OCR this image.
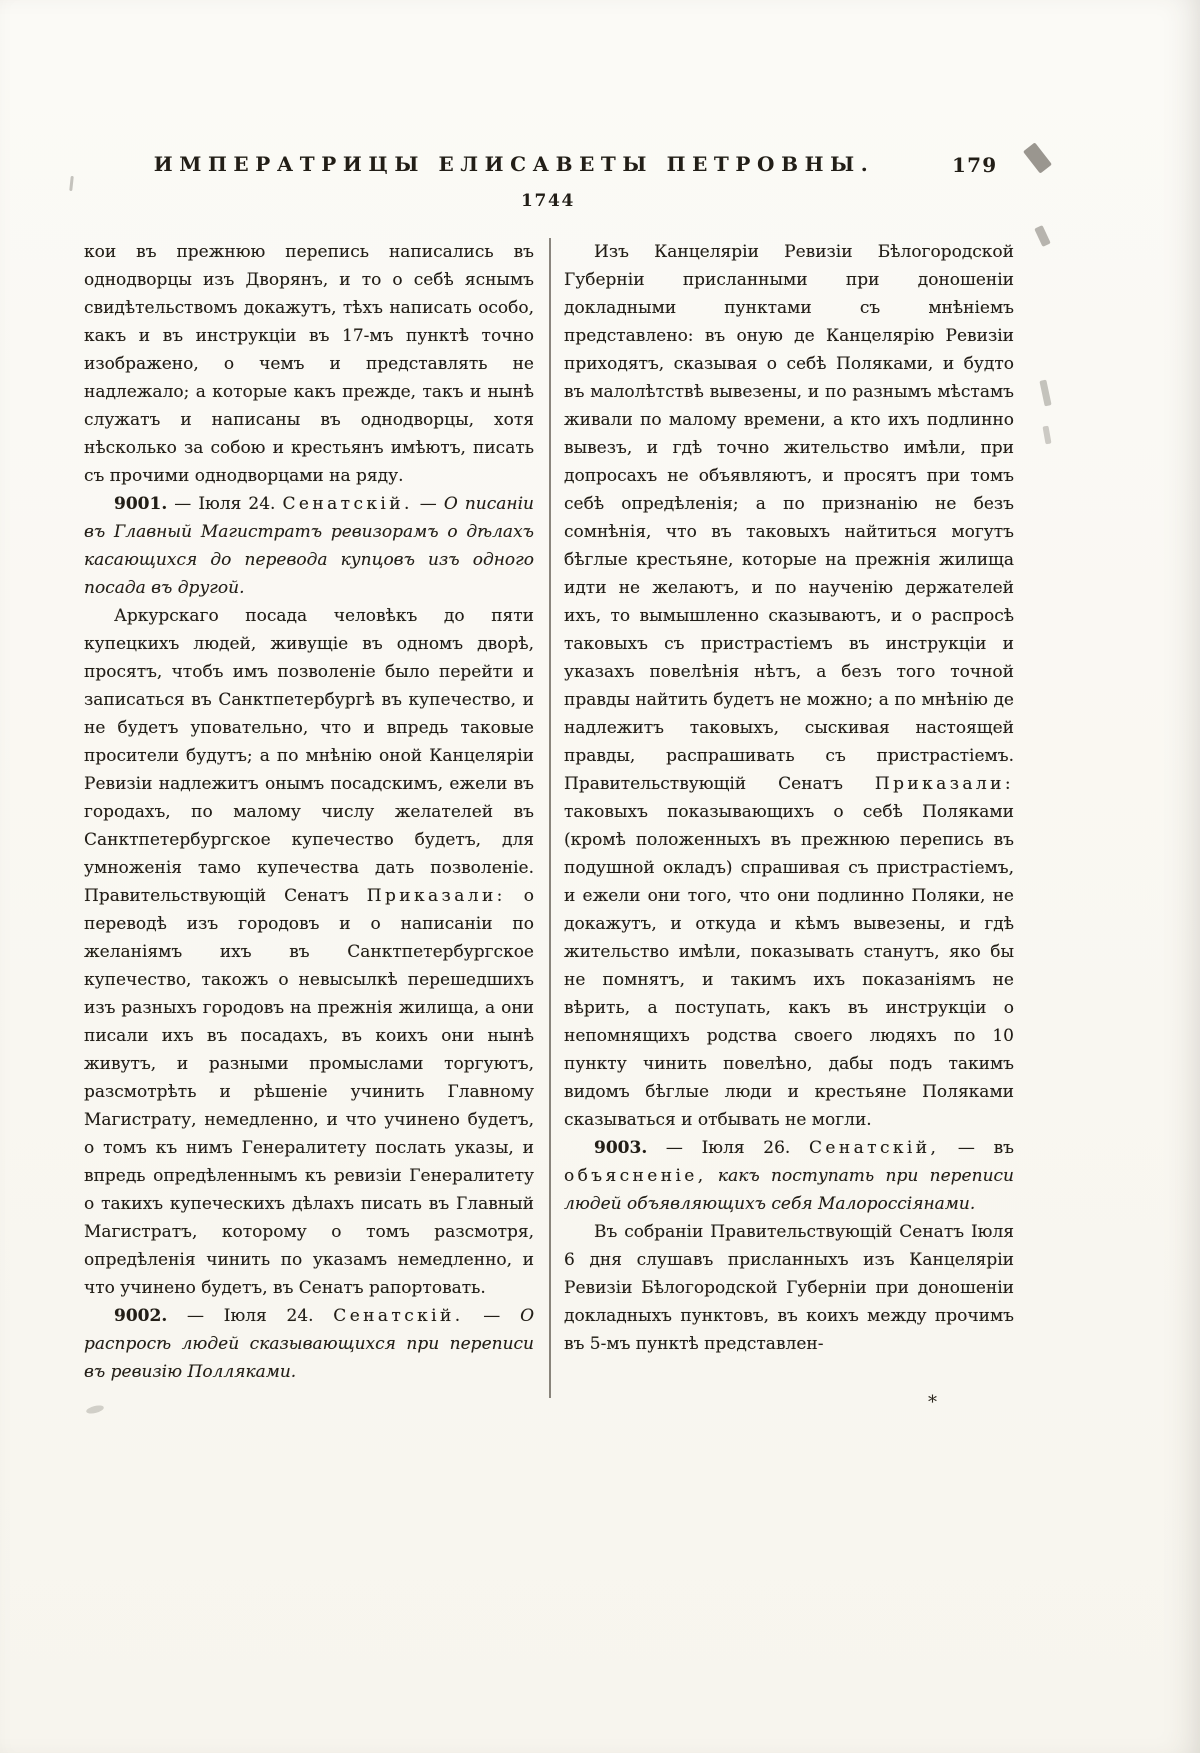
ИМПЕРАТРИЦЫ ЕЛИСАВЕТЫ ПЕТРОВНЫ.	179
1744

кои въ прежнюю перепись написались въ однодворцы изъ Дворянъ, и то о себѣ яснымъ свидѣтельствомъ докажутъ, тѣхъ написать особо, какъ и въ инструкціи въ 17-мъ пунктѣ точно изображено, о чемъ и представлять не надлежало; а которые какъ прежде, такъ и нынѣ служатъ и написаны въ однодворцы, хотя нѣсколько за собою и крестьянъ имѣютъ, писать съ прочими однодворцами на ряду.

9001. — Іюля 24. Сенатскій. — О писаніи въ Главный Магистратъ ревизорамъ о дѣлахъ касающихся до перевода купцовъ изъ одного посада въ другой.

Аркурскаго посада человѣкъ до пяти купецкихъ людей, живущіе въ одномъ дворѣ, просятъ, чтобъ имъ позволеніе было перейти и записаться въ Санктпетербургѣ въ купечество, и не будетъ уповательно, что и впредь таковые просители будутъ; а по мнѣнію оной Канцеляріи Ревизіи надлежитъ онымъ посадскимъ, ежели въ городахъ, по малому числу желателей въ Санктпетербургское купечество будетъ, для умноженія тамо купечества дать позволеніе. Правительствующій Сенатъ Приказали: о переводѣ изъ городовъ и о написаніи по желаніямъ ихъ въ Санктпетербургское купечество, такожъ о невысылкѣ перешедшихъ изъ разныхъ городовъ на прежнія жилища, а они писали ихъ въ посадахъ, въ коихъ они нынѣ живутъ, и разными промыслами торгуютъ, разсмотрѣть и рѣшеніе учинить Главному Магистрату, немедленно, и что учинено будетъ, о томъ къ нимъ Генералитету послать указы, и впредь опредѣленнымъ къ ревизіи Генералитету о такихъ купеческихъ дѣлахъ писать въ Главный Магистратъ, которому о томъ разсмотря, опредѣленія чинить по указамъ немедленно, и что учинено будетъ, въ Сенатъ рапортовать.

9002. — Іюля 24. Сенатскій. — О распросѣ людей сказывающихся при переписи въ ревизію Полляками.

Изъ Канцеляріи Ревизіи Бѣлогородской Губерніи присланными при доношеніи докладными пунктами съ мнѣніемъ представлено: въ оную де Канцелярію Ревизіи приходятъ, сказывая о себѣ Поляками, и будто въ малолѣтствѣ вывезены, и по разнымъ мѣстамъ живали по малому времени, а кто ихъ подлинно вывезъ, и гдѣ точно жительство имѣли, при допросахъ не объявляютъ, и просятъ при томъ себѣ опредѣленія; а по признанію не безъ сомнѣнія, что въ таковыхъ найтиться могутъ бѣглые крестьяне, которые на прежнія жилища идти не желаютъ, и по наученію держателей ихъ, то вымышленно сказываютъ, и о распросѣ таковыхъ съ пристрастіемъ въ инструкціи и указахъ повелѣнія нѣтъ, а безъ того точной правды найтить будетъ не можно; а по мнѣнію де надлежитъ таковыхъ, сыскивая настоящей правды, распрашивать съ пристрастіемъ. Правительствующій Сенатъ Приказали: таковыхъ показывающихъ о себѣ Поляками (кромѣ положенныхъ въ прежнюю перепись въ подушной окладъ) спрашивая съ пристрастіемъ, и ежели они того, что они подлинно Поляки, не докажутъ, и откуда и кѣмъ вывезены, и гдѣ жительство имѣли, показывать станутъ, яко бы не помнятъ, и такимъ ихъ показаніямъ не вѣрить, а поступать, какъ въ инструкціи о непомнящихъ родства своего людяхъ по 10 пункту чинить повелѣно, дабы подъ такимъ видомъ бѣглые люди и крестьяне Поляками сказываться и отбывать не могли.

9003. — Іюля 26. Сенатскій, — въ объясненіе, какъ поступать при переписи людей объявляющихъ себя Малороссіянами.

Въ собраніи Правительствующій Сенатъ Іюля 6 дня слушавъ присланныхъ изъ Канцеляріи Ревизіи Бѣлогородской Губерніи при доношеніи докладныхъ пунктовъ, въ коихъ между прочимъ въ 5-мъ пунктѣ представлен-

*
